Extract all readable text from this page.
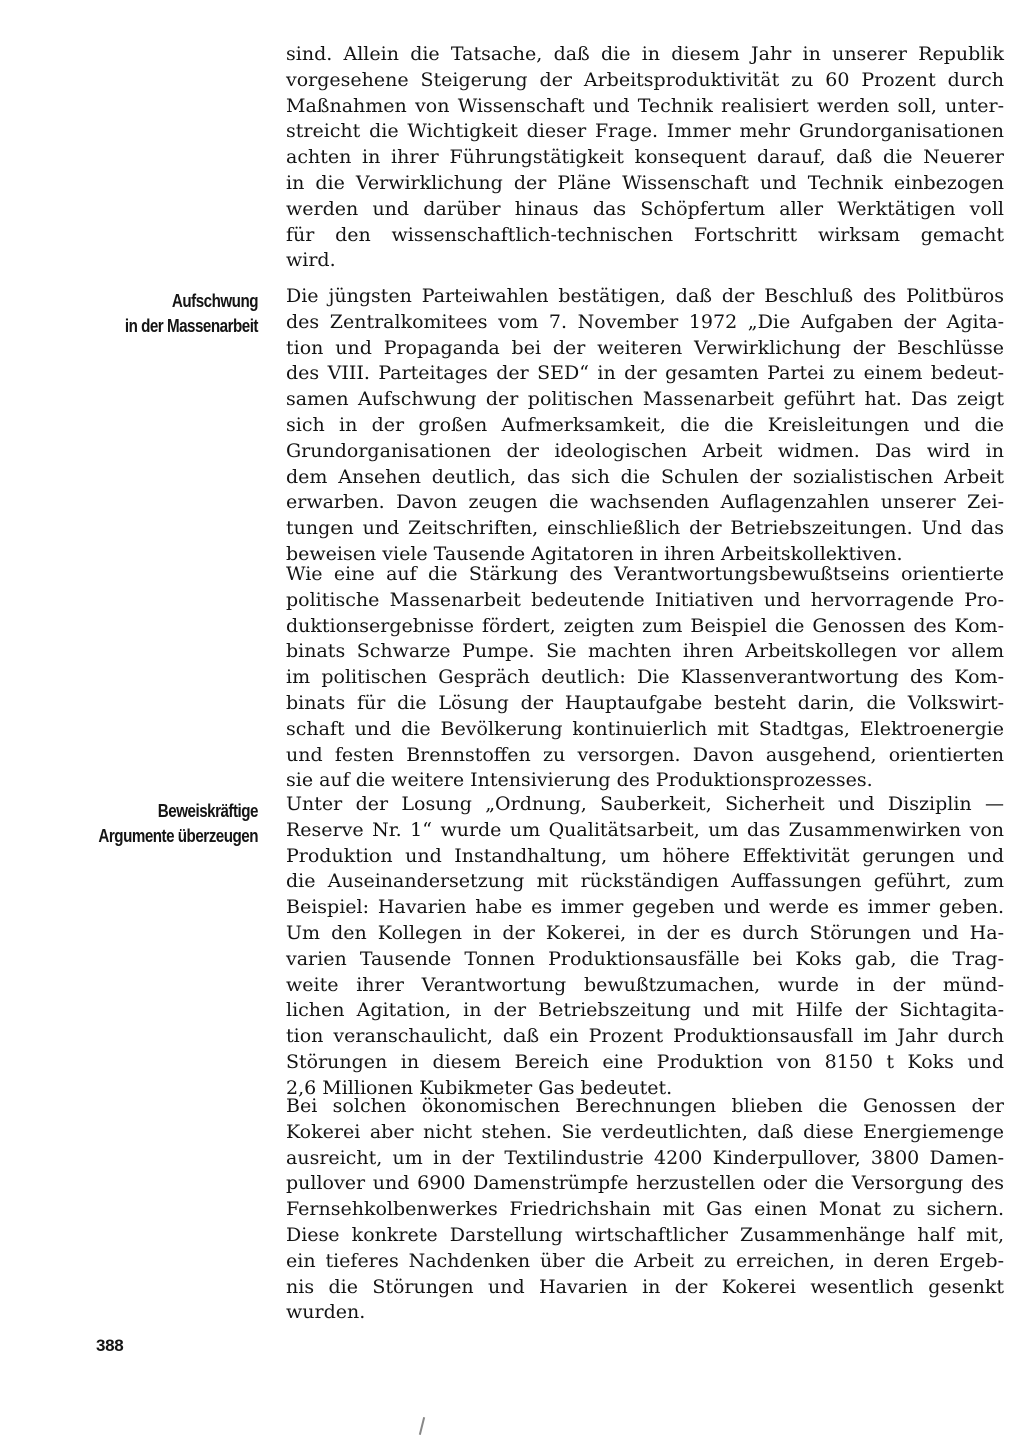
sind. Allein die Tatsache, daß die in diesem Jahr in unserer Republik
vorgesehene Steigerung der Arbeitsproduktivität zu 60 Prozent durch
Maßnahmen von Wissenschaft und Technik realisiert werden soll, unter-
streicht die Wichtigkeit dieser Frage. Immer mehr Grundorganisationen
achten in ihrer Führungstätigkeit konsequent darauf, daß die Neuerer
in die Verwirklichung der Pläne Wissenschaft und Technik einbezogen
werden und darüber hinaus das Schöpfertum aller Werktätigen voll
für den wissenschaftlich-technischen Fortschritt wirksam gemacht
wird.

Aufschwung
in der Massenarbeit

Die jüngsten Parteiwahlen bestätigen, daß der Beschluß des Politbüros
des Zentralkomitees vom 7. November 1972 „Die Aufgaben der Agita-
tion und Propaganda bei der weiteren Verwirklichung der Beschlüsse
des VIII. Parteitages der SED“ in der gesamten Partei zu einem bedeut-
samen Aufschwung der politischen Massenarbeit geführt hat. Das zeigt
sich in der großen Aufmerksamkeit, die die Kreisleitungen und die
Grundorganisationen der ideologischen Arbeit widmen. Das wird in
dem Ansehen deutlich, das sich die Schulen der sozialistischen Arbeit
erwarben. Davon zeugen die wachsenden Auflagenzahlen unserer Zei-
tungen und Zeitschriften, einschließlich der Betriebszeitungen. Und das
beweisen viele Tausende Agitatoren in ihren Arbeitskollektiven.

Wie eine auf die Stärkung des Verantwortungsbewußtseins orientierte
politische Massenarbeit bedeutende Initiativen und hervorragende Pro-
duktionsergebnisse fördert, zeigten zum Beispiel die Genossen des Kom-
binats Schwarze Pumpe. Sie machten ihren Arbeitskollegen vor allem
im politischen Gespräch deutlich: Die Klassenverantwortung des Kom-
binats für die Lösung der Hauptaufgabe besteht darin, die Volkswirt-
schaft und die Bevölkerung kontinuierlich mit Stadtgas, Elektroenergie
und festen Brennstoffen zu versorgen. Davon ausgehend, orientierten
sie auf die weitere Intensivierung des Produktionsprozesses.

Beweiskräftige
Argumente überzeugen

Unter der Losung „Ordnung, Sauberkeit, Sicherheit und Disziplin —
Reserve Nr. 1“ wurde um Qualitätsarbeit, um das Zusammenwirken von
Produktion und Instandhaltung, um höhere Effektivität gerungen und
die Auseinandersetzung mit rückständigen Auffassungen geführt, zum
Beispiel: Havarien habe es immer gegeben und werde es immer geben.
Um den Kollegen in der Kokerei, in der es durch Störungen und Ha-
varien Tausende Tonnen Produktionsausfälle bei Koks gab, die Trag-
weite ihrer Verantwortung bewußtzumachen, wurde in der münd-
lichen Agitation, in der Betriebszeitung und mit Hilfe der Sichtagita-
tion veranschaulicht, daß ein Prozent Produktionsausfall im Jahr durch
Störungen in diesem Bereich eine Produktion von 8150 t Koks und
2,6 Millionen Kubikmeter Gas bedeutet.

Bei solchen ökonomischen Berechnungen blieben die Genossen der
Kokerei aber nicht stehen. Sie verdeutlichten, daß diese Energiemenge
ausreicht, um in der Textilindustrie 4200 Kinderpullover, 3800 Damen-
pullover und 6900 Damenstrümpfe herzustellen oder die Versorgung des
Fernsehkolbenwerkes Friedrichshain mit Gas einen Monat zu sichern.
Diese konkrete Darstellung wirtschaftlicher Zusammenhänge half mit,
ein tieferes Nachdenken über die Arbeit zu erreichen, in deren Ergeb-
nis die Störungen und Havarien in der Kokerei wesentlich gesenkt
wurden.

388
